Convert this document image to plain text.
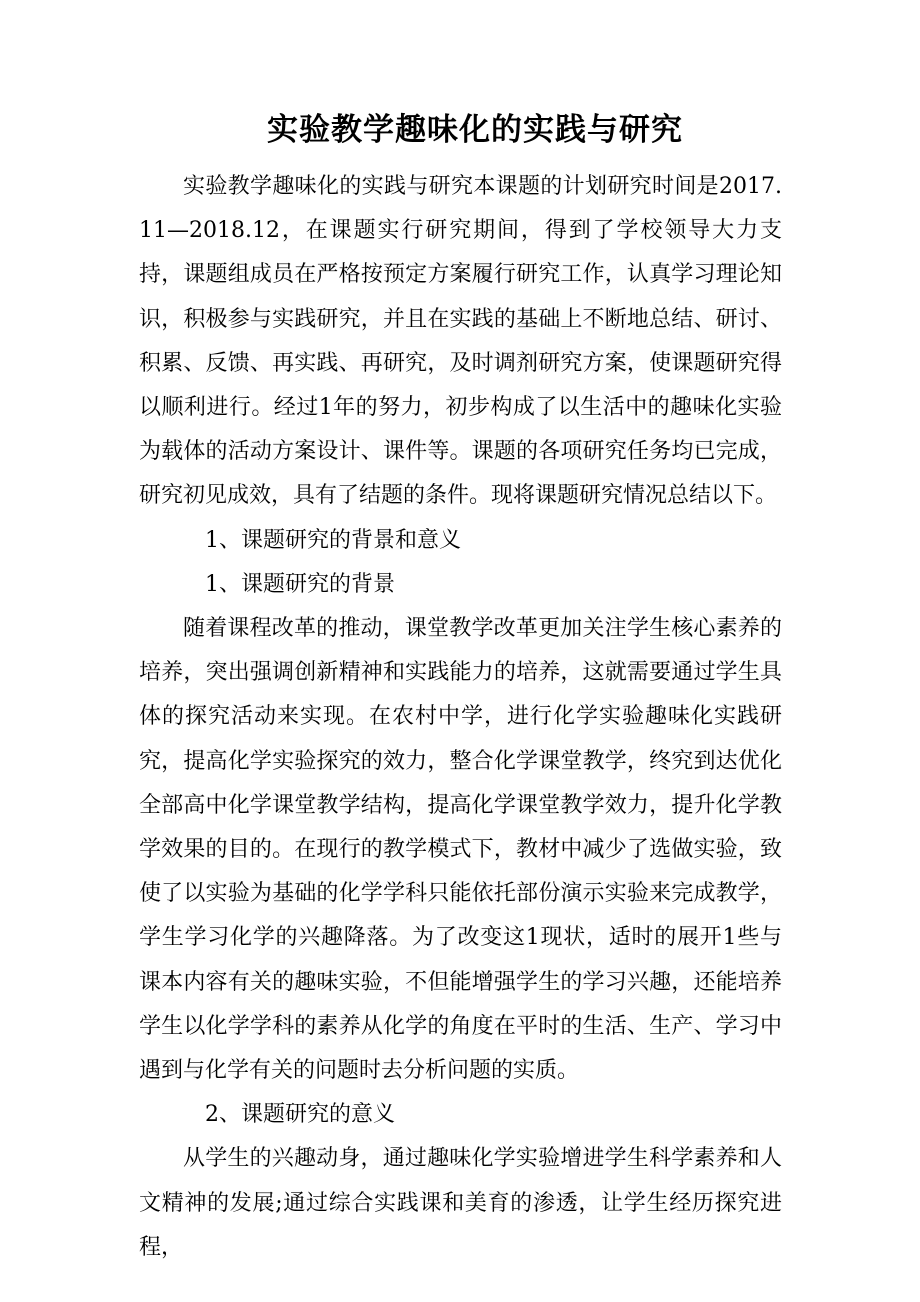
实验教学趣味化的实践与研究

实验教学趣味化的实践与研究本课题的计划研究时间是2017.11—2018.12，在课题实行研究期间，得到了学校领导大力支持，课题组成员在严格按预定方案履行研究工作，认真学习理论知识，积极参与实践研究，并且在实践的基础上不断地总结、研讨、积累、反馈、再实践、再研究，及时调剂研究方案，使课题研究得以顺利进行。经过1年的努力，初步构成了以生活中的趣味化实验为载体的活动方案设计、课件等。课题的各项研究任务均已完成，研究初见成效，具有了结题的条件。现将课题研究情况总结以下。

1、课题研究的背景和意义

1、课题研究的背景

随着课程改革的推动，课堂教学改革更加关注学生核心素养的培养，突出强调创新精神和实践能力的培养，这就需要通过学生具体的探究活动来实现。在农村中学，进行化学实验趣味化实践研究，提高化学实验探究的效力，整合化学课堂教学，终究到达优化全部高中化学课堂教学结构，提高化学课堂教学效力，提升化学教学效果的目的。在现行的教学模式下，教材中减少了选做实验，致使了以实验为基础的化学学科只能依托部份演示实验来完成教学，学生学习化学的兴趣降落。为了改变这1现状，适时的展开1些与课本内容有关的趣味实验，不但能增强学生的学习兴趣，还能培养学生以化学学科的素养从化学的角度在平时的生活、生产、学习中遇到与化学有关的问题时去分析问题的实质。

2、课题研究的意义

从学生的兴趣动身，通过趣味化学实验增进学生科学素养和人文精神的发展;通过综合实践课和美育的渗透，让学生经历探究进程，
